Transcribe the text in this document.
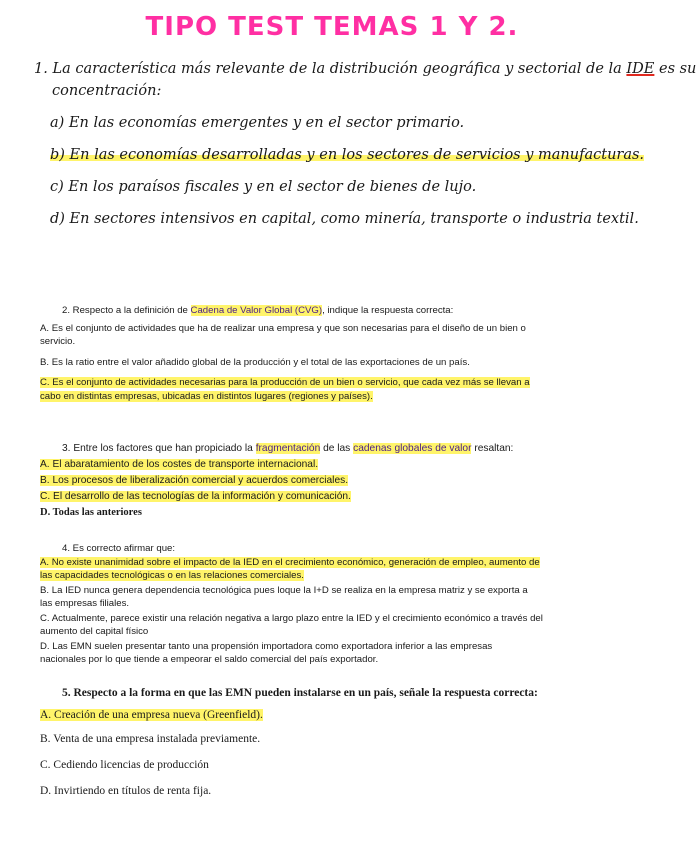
TIPO TEST TEMAS 1 Y 2.
1. La característica más relevante de la distribución geográfica y sectorial de la IDE es su
concentración:
a) En las economías emergentes y en el sector primario.
b) En las economías desarrolladas y en los sectores de servicios y manufacturas.
c) En los paraísos fiscales y en el sector de bienes de lujo.
d) En sectores intensivos en capital, como minería, transporte o industria textil.
2. Respecto a la definición de Cadena de Valor Global (CVG), indique la respuesta correcta:
A. Es el conjunto de actividades que ha de realizar una empresa y que son necesarias para el diseño de un bien o
servicio.
B. Es la ratio entre el valor añadido global de la producción y el total de las exportaciones de un país.
C. Es el conjunto de actividades necesarias para la producción de un bien o servicio, que cada vez más se llevan a
cabo en distintas empresas, ubicadas en distintos lugares (regiones y países).
3. Entre los factores que han propiciado la fragmentación de las cadenas globales de valor resaltan:
A. El abaratamiento de los costes de transporte internacional.
B. Los procesos de liberalización comercial y acuerdos comerciales.
C. El desarrollo de las tecnologías de la información y comunicación.
D. Todas las anteriores
4. Es correcto afirmar que:
A. No existe unanimidad sobre el impacto de la IED en el crecimiento económico, generación de empleo, aumento de
las capacidades tecnológicas o en las relaciones comerciales.
B. La IED nunca genera dependencia tecnológica pues loque la I+D se realiza en la empresa matriz y se exporta a
las empresas filiales.
C. Actualmente, parece existir una relación negativa a largo plazo entre la IED y el crecimiento económico a través del
aumento del capital físico
D. Las EMN suelen presentar tanto una propensión importadora como exportadora inferior a las empresas
nacionales por lo que tiende a empeorar el saldo comercial del país exportador.
5. Respecto a la forma en que las EMN pueden instalarse en un país, señale la respuesta correcta:
A. Creación de una empresa nueva (Greenfield).
B. Venta de una empresa instalada previamente.
C. Cediendo licencias de producción
D. Invirtiendo en títulos de renta fija.
